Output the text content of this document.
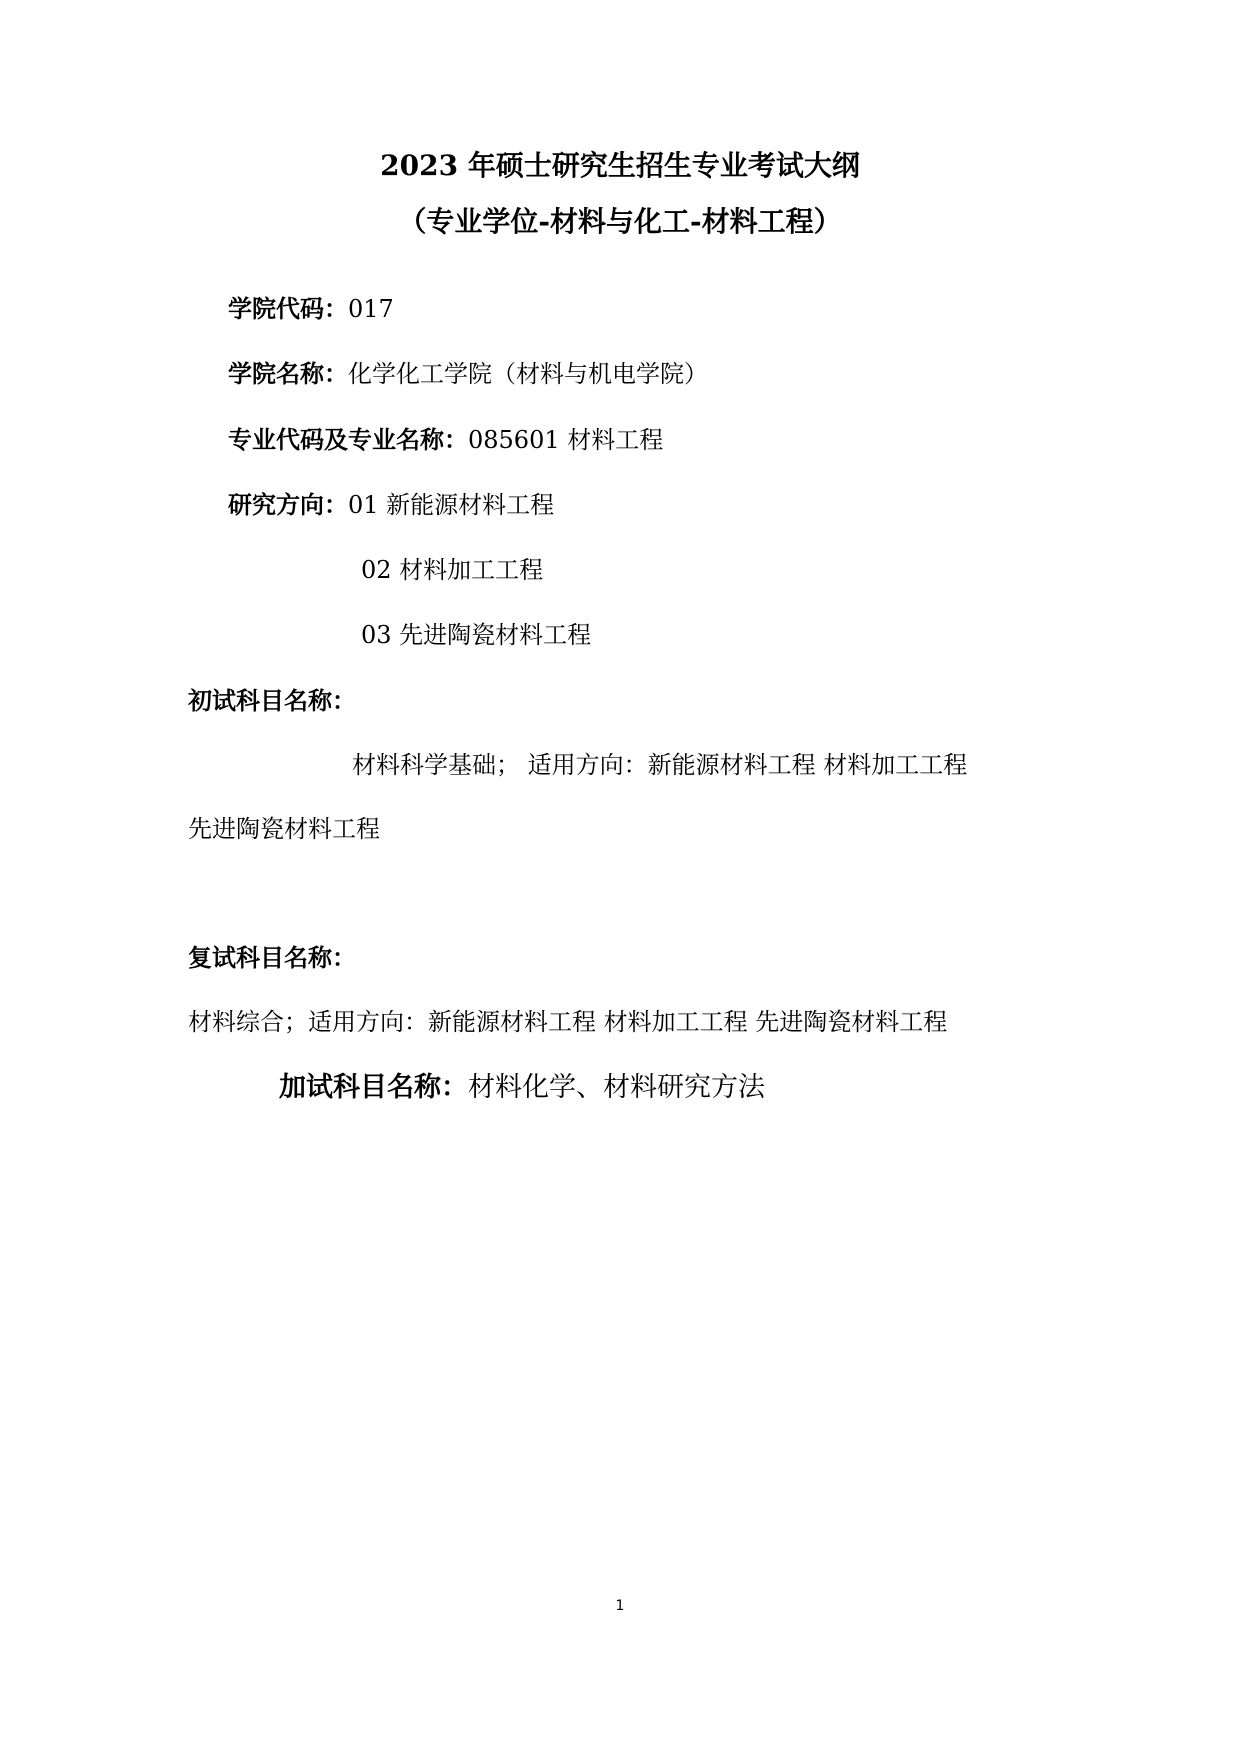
2023 年硕士研究生招生专业考试大纲
（专业学位-材料与化工-材料工程）
学院代码：017
学院名称：化学化工学院（材料与机电学院）
专业代码及专业名称：085601 材料工程
研究方向：01 新能源材料工程
02 材料加工工程
03 先进陶瓷材料工程
初试科目名称：
材料科学基础； 适用方向：新能源材料工程 材料加工工程
先进陶瓷材料工程
复试科目名称：
材料综合；适用方向：新能源材料工程 材料加工工程 先进陶瓷材料工程
加试科目名称：材料化学、材料研究方法
1
